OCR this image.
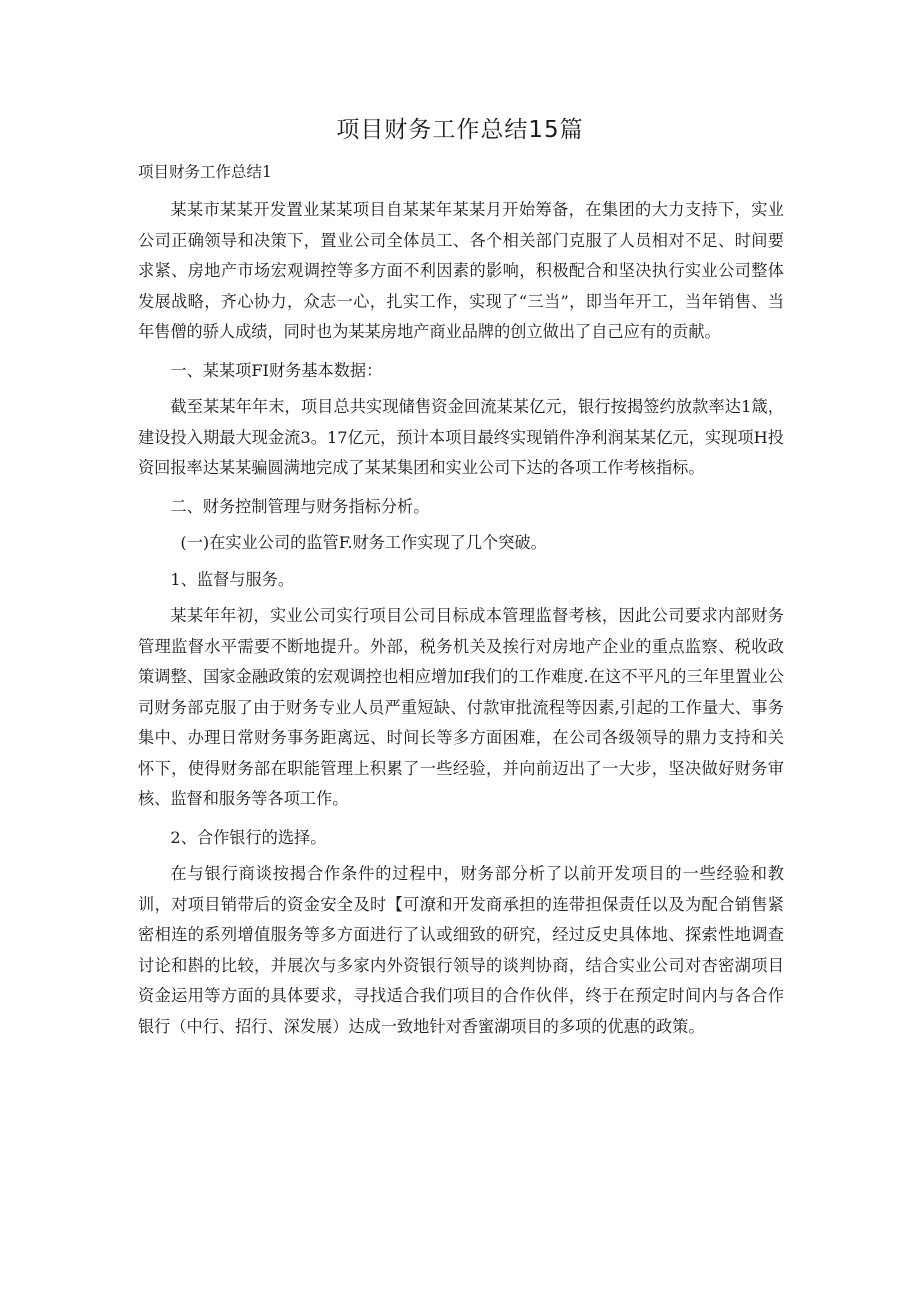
项目财务工作总结15篇
项目财务工作总结1

某某市某某开发置业某某项目自某某年某某月开始筹备，在集团的大力支持下，实业公司正确领导和决策下，置业公司全体员工、各个相关部门克服了人员相对不足、时间要求紧、房地产市场宏观调控等多方面不利因素的影响，积极配合和坚决执行实业公司整体发展战略，齐心协力，众志一心，扎实工作，实现了“三当”，即当年开工，当年销售、当年售僧的骄人成绩，同时也为某某房地产商业品牌的创立做出了自己应有的贡献。

一、某某项FI财务基本数据：

截至某某年年末，项目总共实现储售资金回流某某亿元，银行按揭签约放款率达1箴，建设投入期最大现金流3。17亿元，预计本项目最终实现销件净利润某某亿元，实现项H投资回报率达某某骗圆满地完成了某某集团和实业公司下达的各项工作考核指标。

二、财务控制管理与财务指标分析。

(一)在实业公司的监管F.财务工作实现了几个突破。

1、监督与服务。

某某年年初，实业公司实行项目公司目标成本管理监督考核，因此公司要求内部财务管理监督水平需要不断地提升。外部，税务机关及挨行对房地产企业的重点监察、税收政策调整、国家金融政策的宏观调控也相应增加f我们的工作难度.在这不平凡的三年里置业公司财务部克服了由于财务专业人员严重短缺、付款审批流程等因素,引起的工作量大、事务集中、办理日常财务事务距离远、时间长等多方面困难，在公司各级领导的鼎力支持和关怀下，使得财务部在职能管理上积累了一些经验，并向前迈出了一大步，坚决做好财务审核、监督和服务等各项工作。

2、合作银行的选择。

在与银行商谈按揭合作条件的过程中，财务部分析了以前开发项目的一些经验和教训，对项目销带后的资金安全及时【可潦和开发商承担的连带担保责任以及为配合销售紧密相连的系列增值服务等多方面进行了认或细致的研究，经过反史具体地、探索性地调查讨论和斟的比较，并展次与多家内外资银行领导的谈判协商，结合实业公司对杏密湖项目资金运用等方面的具体要求，寻找适合我们项目的合作伙伴，终于在预定时间内与各合作银行（中行、招行、深发展）达成一致地针对香蜜湖项目的多项的优惠的政策。
